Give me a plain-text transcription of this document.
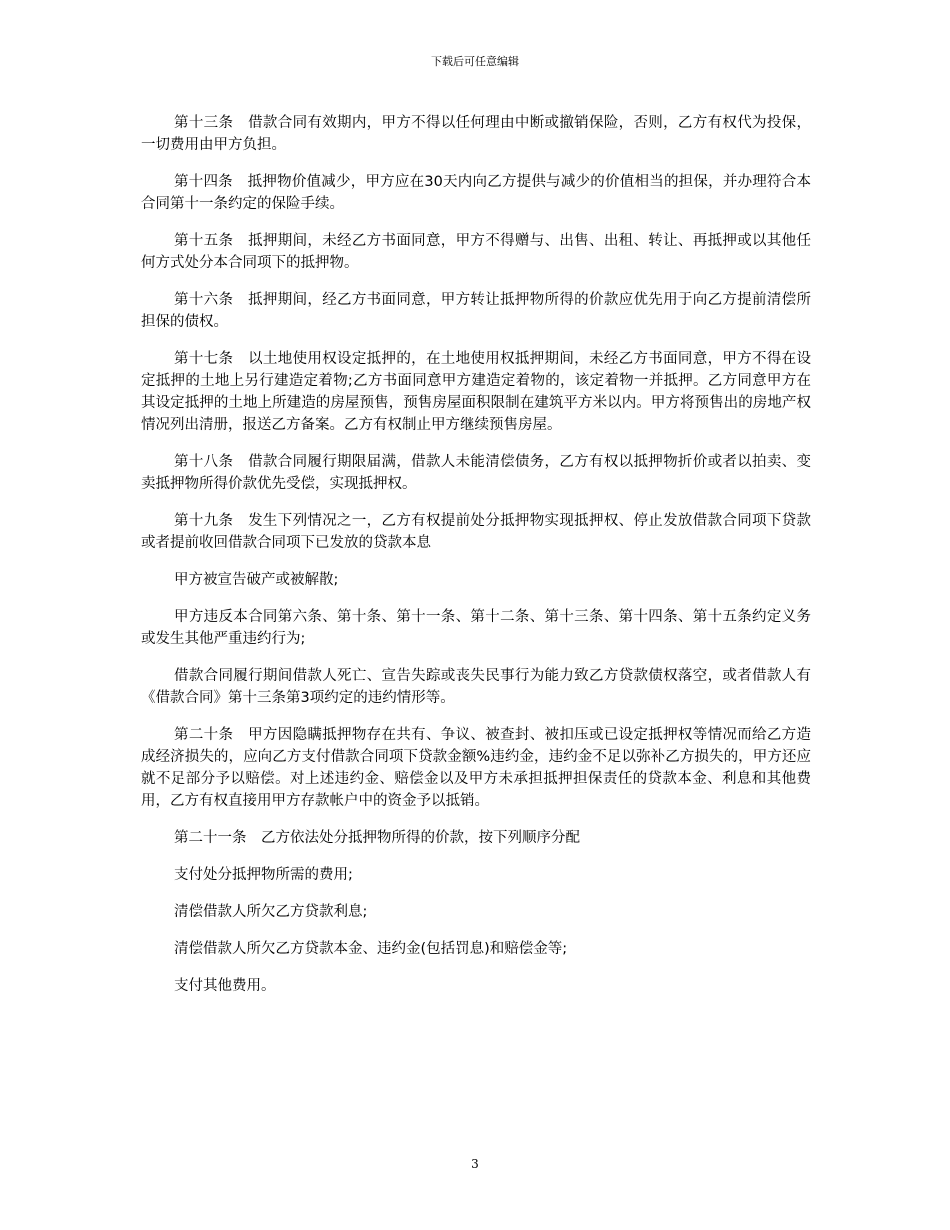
下载后可任意编辑

第十三条　借款合同有效期内，甲方不得以任何理由中断或撤销保险，否则，乙方有权代为投保，一切费用由甲方负担。

第十四条　抵押物价值减少，甲方应在30天内向乙方提供与减少的价值相当的担保，并办理符合本合同第十一条约定的保险手续。

第十五条　抵押期间，未经乙方书面同意，甲方不得赠与、出售、出租、转让、再抵押或以其他任何方式处分本合同项下的抵押物。

第十六条　抵押期间，经乙方书面同意，甲方转让抵押物所得的价款应优先用于向乙方提前清偿所担保的债权。

第十七条　以土地使用权设定抵押的，在土地使用权抵押期间，未经乙方书面同意，甲方不得在设定抵押的土地上另行建造定着物;乙方书面同意甲方建造定着物的，该定着物一并抵押。乙方同意甲方在其设定抵押的土地上所建造的房屋预售，预售房屋面积限制在建筑平方米以内。甲方将预售出的房地产权情况列出清册，报送乙方备案。乙方有权制止甲方继续预售房屋。

第十八条　借款合同履行期限届满，借款人未能清偿债务，乙方有权以抵押物折价或者以拍卖、变卖抵押物所得价款优先受偿，实现抵押权。

第十九条　发生下列情况之一，乙方有权提前处分抵押物实现抵押权、停止发放借款合同项下贷款或者提前收回借款合同项下已发放的贷款本息

甲方被宣告破产或被解散;

甲方违反本合同第六条、第十条、第十一条、第十二条、第十三条、第十四条、第十五条约定义务或发生其他严重违约行为;

借款合同履行期间借款人死亡、宣告失踪或丧失民事行为能力致乙方贷款债权落空，或者借款人有《借款合同》第十三条第3项约定的违约情形等。

第二十条　甲方因隐瞒抵押物存在共有、争议、被查封、被扣压或已设定抵押权等情况而给乙方造成经济损失的，应向乙方支付借款合同项下贷款金额%违约金，违约金不足以弥补乙方损失的，甲方还应就不足部分予以赔偿。对上述违约金、赔偿金以及甲方未承担抵押担保责任的贷款本金、利息和其他费用，乙方有权直接用甲方存款帐户中的资金予以抵销。

第二十一条　乙方依法处分抵押物所得的价款，按下列顺序分配

支付处分抵押物所需的费用;

清偿借款人所欠乙方贷款利息;

清偿借款人所欠乙方贷款本金、违约金(包括罚息)和赔偿金等;

支付其他费用。

3
